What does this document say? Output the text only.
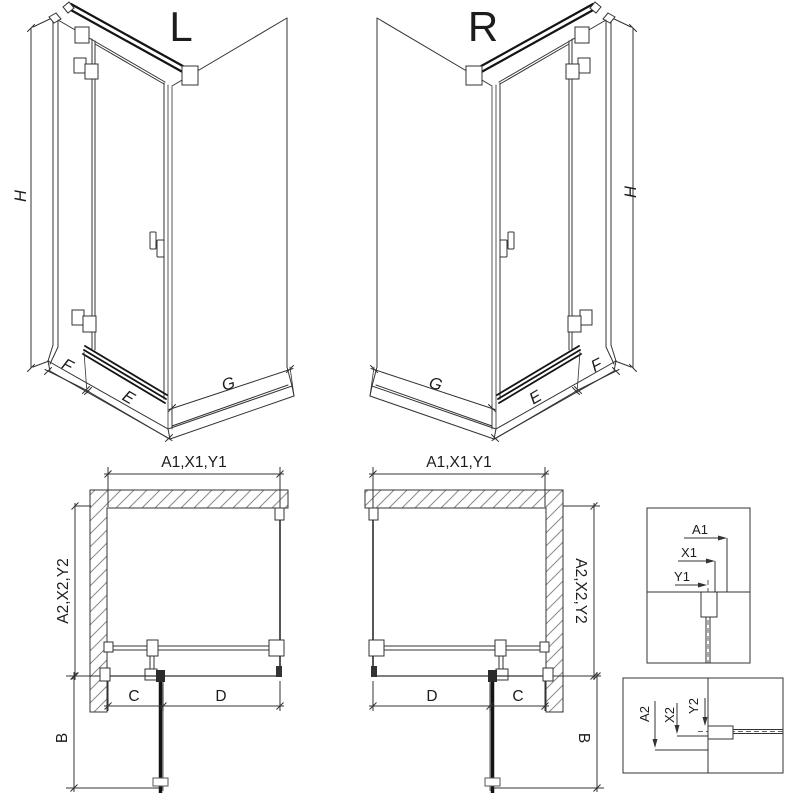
L
H
F
E
G
R
H
F
E
G
A1,X1,Y1
A2,X2,Y2
B
C	D
A1,X1,Y1
A2,X2,Y2
B
D	C
A1
X1
Y1
A2 X2
Y2
